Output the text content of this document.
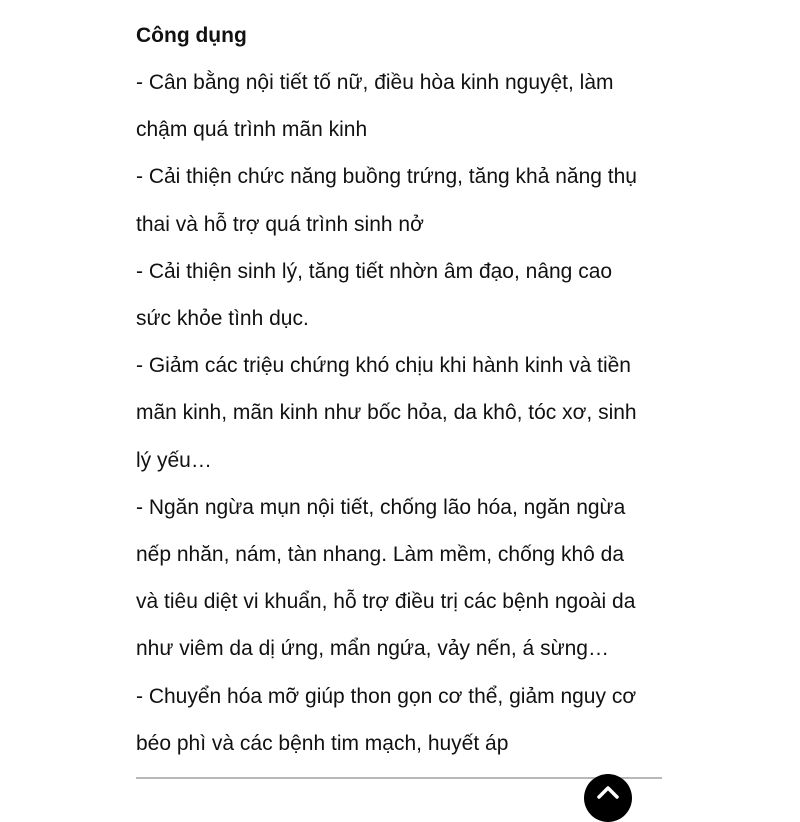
Công dụng

- Cân bằng nội tiết tố nữ, điều hòa kinh nguyệt, làm

chậm quá trình mãn kinh

- Cải thiện chức năng buồng trứng, tăng khả năng thụ

thai và hỗ trợ quá trình sinh nở

- Cải thiện sinh lý, tăng tiết nhờn âm đạo, nâng cao

sức khỏe tình dục.

- Giảm các triệu chứng khó chịu khi hành kinh và tiền

mãn kinh, mãn kinh như bốc hỏa, da khô, tóc xơ, sinh

lý yếu…

- Ngăn ngừa mụn nội tiết, chống lão hóa, ngăn ngừa

nếp nhăn, nám, tàn nhang. Làm mềm, chống khô da

và tiêu diệt vi khuẩn, hỗ trợ điều trị các bệnh ngoài da

như viêm da dị ứng, mẩn ngứa, vảy nến, á sừng…

- Chuyển hóa mỡ giúp thon gọn cơ thể, giảm nguy cơ

béo phì và các bệnh tim mạch, huyết áp
